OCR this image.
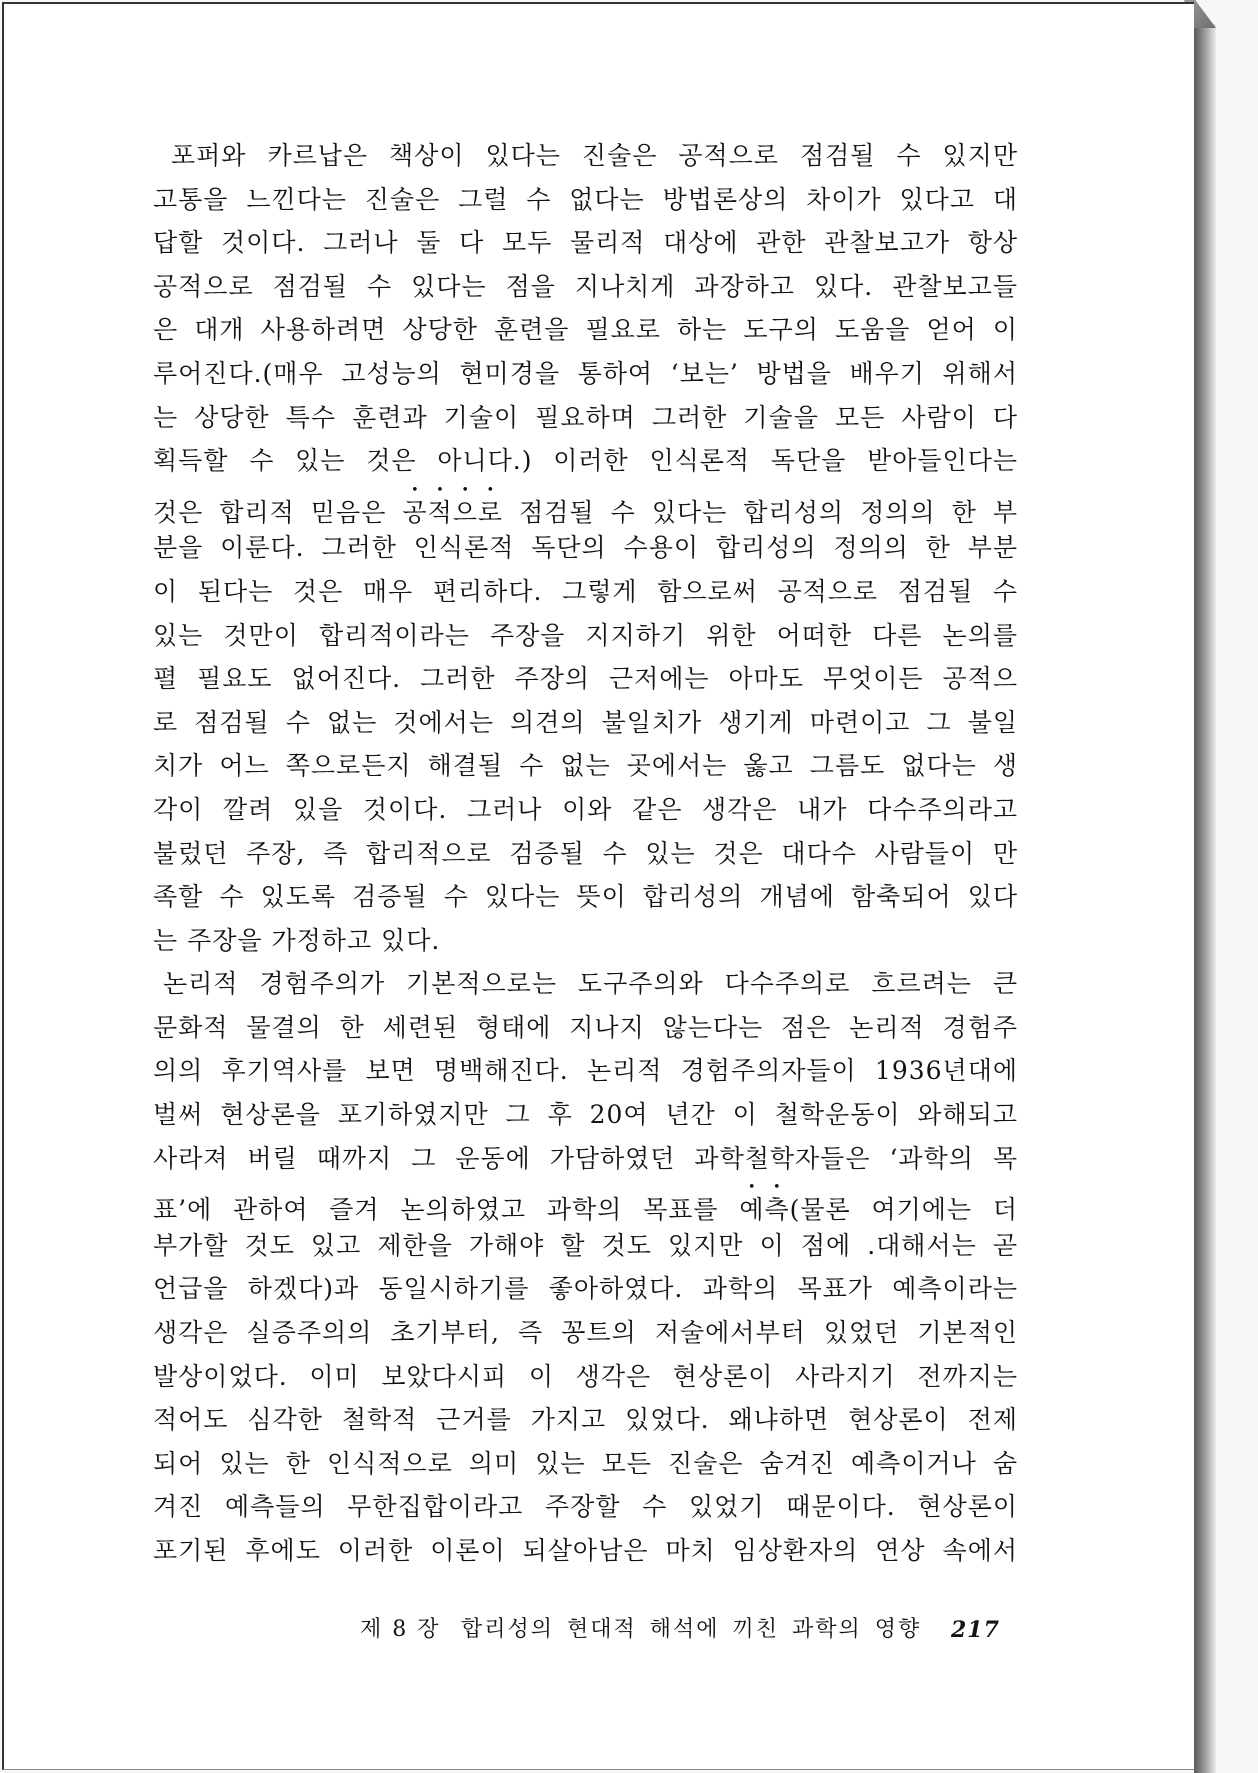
포퍼와 카르납은 책상이 있다는 진술은 공적으로 점검될 수 있지만
고통을 느낀다는 진술은 그럴 수 없다는 방법론상의 차이가 있다고 대
답할 것이다. 그러나 둘 다 모두 물리적 대상에 관한 관찰보고가 항상
공적으로 점검될 수 있다는 점을 지나치게 과장하고 있다. 관찰보고들
은 대개 사용하려면 상당한 훈련을 필요로 하는 도구의 도움을 얻어 이
루어진다.(매우 고성능의 현미경을 통하여 ‘보는’ 방법을 배우기 위해서
는 상당한 특수 훈련과 기술이 필요하며 그러한 기술을 모든 사람이 다
획득할 수 있는 것은 아니다.) 이러한 인식론적 독단을 받아들인다는
것은 합리적 믿음은 공적으로 점검될 수 있다는 합리성의 정의의 한 부
분을 이룬다. 그러한 인식론적 독단의 수용이 합리성의 정의의 한 부분
이 된다는 것은 매우 편리하다. 그렇게 함으로써 공적으로 점검될 수
있는 것만이 합리적이라는 주장을 지지하기 위한 어떠한 다른 논의를
펼 필요도 없어진다. 그러한 주장의 근저에는 아마도 무엇이든 공적으
로 점검될 수 없는 것에서는 의견의 불일치가 생기게 마련이고 그 불일
치가 어느 쪽으로든지 해결될 수 없는 곳에서는 옳고 그름도 없다는 생
각이 깔려 있을 것이다. 그러나 이와 같은 생각은 내가 다수주의라고
불렀던 주장, 즉 합리적으로 검증될 수 있는 것은 대다수 사람들이 만
족할 수 있도록 검증될 수 있다는 뜻이 합리성의 개념에 함축되어 있다
는 주장을 가정하고 있다.
논리적 경험주의가 기본적으로는 도구주의와 다수주의로 흐르려는 큰
문화적 물결의 한 세련된 형태에 지나지 않는다는 점은 논리적 경험주
의의 후기역사를 보면 명백해진다. 논리적 경험주의자들이 1936년대에
벌써 현상론을 포기하였지만 그 후 20여 년간 이 철학운동이 와해되고
사라져 버릴 때까지 그 운동에 가담하였던 과학철학자들은 ‘과학의 목
표’에 관하여 즐겨 논의하였고 과학의 목표를 예측(물론 여기에는 더
부가할 것도 있고 제한을 가해야 할 것도 있지만 이 점에 .대해서는 곧
언급을 하겠다)과 동일시하기를 좋아하였다. 과학의 목표가 예측이라는
생각은 실증주의의 초기부터, 즉 꽁트의 저술에서부터 있었던 기본적인
발상이었다. 이미 보았다시피 이 생각은 현상론이 사라지기 전까지는
적어도 심각한 철학적 근거를 가지고 있었다. 왜냐하면 현상론이 전제
되어 있는 한 인식적으로 의미 있는 모든 진술은 숨겨진 예측이거나 숨
겨진 예측들의 무한집합이라고 주장할 수 있었기 때문이다. 현상론이
포기된 후에도 이러한 이론이 되살아남은 마치 임상환자의 연상 속에서
제 8 장 합리성의 현대적 해석에 끼친 과학의 영향 217
